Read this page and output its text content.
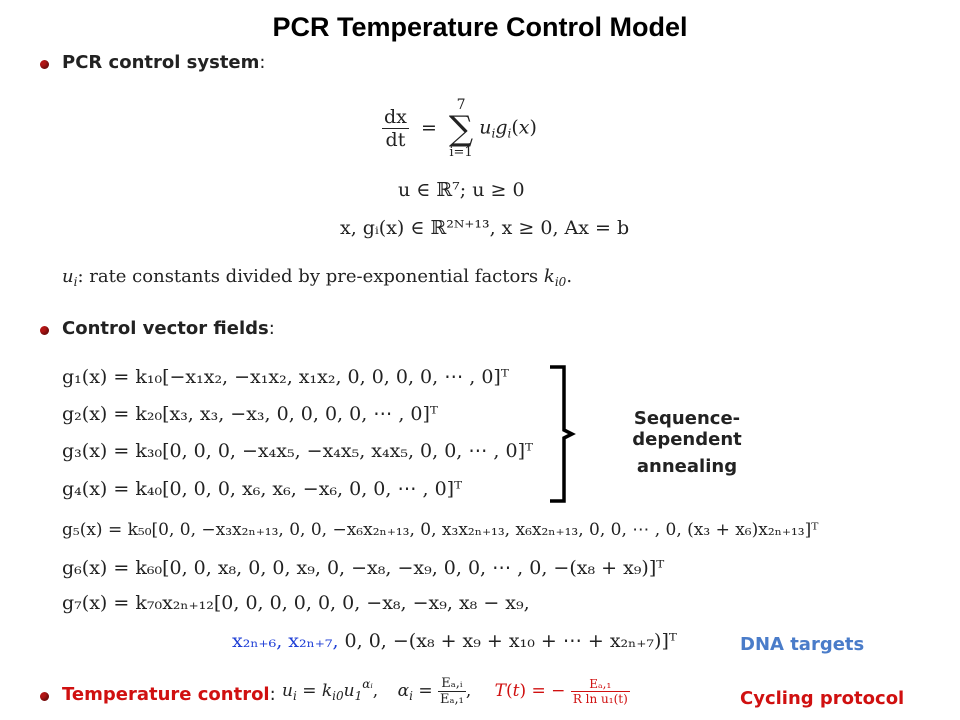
PCR Temperature Control Model
PCR control system:
$\frac{dx}{dt}$ =
7
∑
i=1
$u_ig_i(x)$
u ∈ ℝ⁷; u ≥ 0
x, gᵢ(x) ∈ ℝ²ᴺ⁺¹³, x ≥ 0, Ax = b
$u_i$: rate constants divided by pre-exponential factors $k_{i0}$.
Control vector fields:
g₁(x) = k₁₀[−x₁x₂, −x₁x₂, x₁x₂, 0, 0, 0, 0, ⋯ , 0]ᵀ
g₂(x) = k₂₀[x₃, x₃, −x₃, 0, 0, 0, 0, ⋯ , 0]ᵀ
g₃(x) = k₃₀[0, 0, 0, −x₄x₅, −x₄x₅, x₄x₅, 0, 0, ⋯ , 0]ᵀ
g₄(x) = k₄₀[0, 0, 0, x₆, x₆, −x₆, 0, 0, ⋯ , 0]ᵀ
g₅(x) = k₅₀[0, 0, −x₃x₂ₙ₊₁₃, 0, 0, −x₆x₂ₙ₊₁₃, 0, x₃x₂ₙ₊₁₃, x₆x₂ₙ₊₁₃, 0, 0, ⋯ , 0, (x₃ + x₆)x₂ₙ₊₁₃]ᵀ
g₆(x) = k₆₀[0, 0, x₈, 0, 0, x₉, 0, −x₈, −x₉, 0, 0, ⋯ , 0, −(x₈ + x₉)]ᵀ
g₇(x) = k₇₀x₂ₙ₊₁₂[0, 0, 0, 0, 0, 0, −x₈, −x₉, x₈ − x₉,
x₂ₙ₊₆, x₂ₙ₊₇, 0, 0, −(x₈ + x₉ + x₁₀ + ⋯ + x₂ₙ₊₇)]ᵀ
Sequence-dependent
annealing
DNA targets
Temperature control: $u_i = k_{i0}u_1^{\alpha ᵢ}$, $\alpha_i = \frac{\text{Eₐ,ᵢ}}{\text{Eₐ,₁}}$ , T(t) = − $\frac{\text{Eₐ,₁}}{\text{R ln u₁(t)}}$	Cycling protocol
